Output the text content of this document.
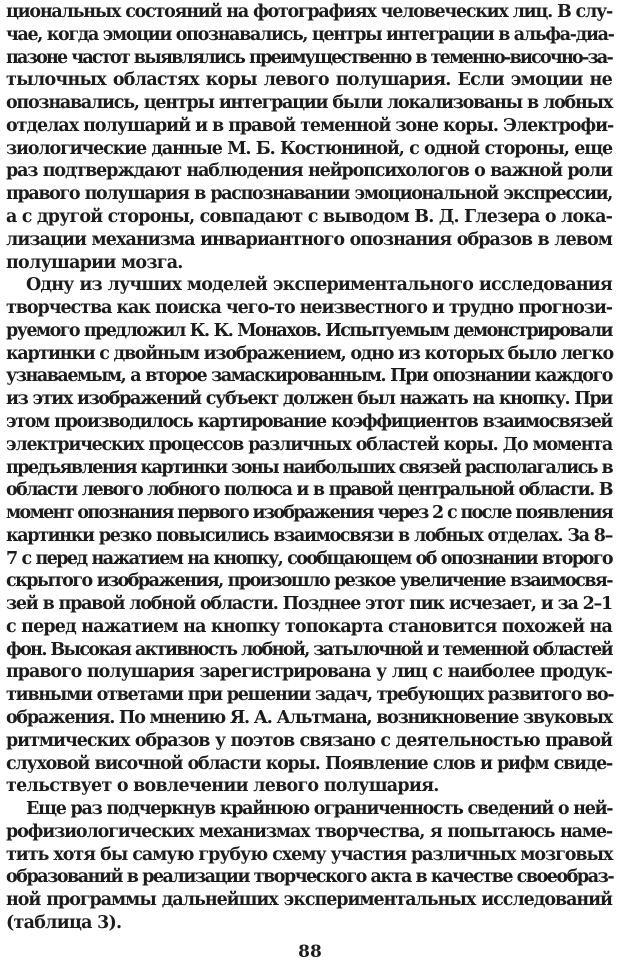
циональных состояний на фотографиях человеческих лиц. В слу-
чае, когда эмоции опознавались, центры интеграции в альфа-диа-
пазоне частот выявлялись преимущественно в теменно-височно-за-
тылочных областях коры левого полушария. Если эмоции не
опознавались, центры интеграции были локализованы в лобных
отделах полушарий и в правой теменной зоне коры. Электрофи-
зиологические данные М. Б. Костюниной, с одной стороны, еще
раз подтверждают наблюдения нейропсихологов о важной роли
правого полушария в распознавании эмоциональной экспрессии,
а с другой стороны, совпадают с выводом В. Д. Глезера о лока-
лизации механизма инвариантного опознания образов в левом
полушарии мозга.
Одну из лучших моделей экспериментального исследования
творчества как поиска чего-то неизвестного и трудно прогнози-
руемого предложил К. К. Монахов. Испытуемым демонстрировали
картинки с двойным изображением, одно из которых было легко
узнаваемым, а второе замаскированным. При опознании каждого
из этих изображений субъект должен был нажать на кнопку. При
этом производилось картирование коэффициентов взаимосвязей
электрических процессов различных областей коры. До момента
предъявления картинки зоны наибольших связей располагались в
области левого лобного полюса и в правой центральной области. В
момент опознания первого изображения через 2 с после появления
картинки резко повысились взаимосвязи в лобных отделах. За 8–
7 с перед нажатием на кнопку, сообщающем об опознании второго
скрытого изображения, произошло резкое увеличение взаимосвя-
зей в правой лобной области. Позднее этот пик исчезает, и за 2–1
с перед нажатием на кнопку топокарта становится похожей на
фон. Высокая активность лобной, затылочной и теменной областей
правого полушария зарегистрирована у лиц с наиболее продук-
тивными ответами при решении задач, требующих развитого во-
ображения. По мнению Я. А. Альтмана, возникновение звуковых
ритмических образов у поэтов связано с деятельностью правой
слуховой височной области коры. Появление слов и рифм свиде-
тельствует о вовлечении левого полушария.
Еще раз подчеркнув крайнюю ограниченность сведений о ней-
рофизиологических механизмах творчества, я попытаюсь наме-
тить хотя бы самую грубую схему участия различных мозговых
образований в реализации творческого акта в качестве своеобраз-
ной программы дальнейших экспериментальных исследований
(таблица 3).
88
